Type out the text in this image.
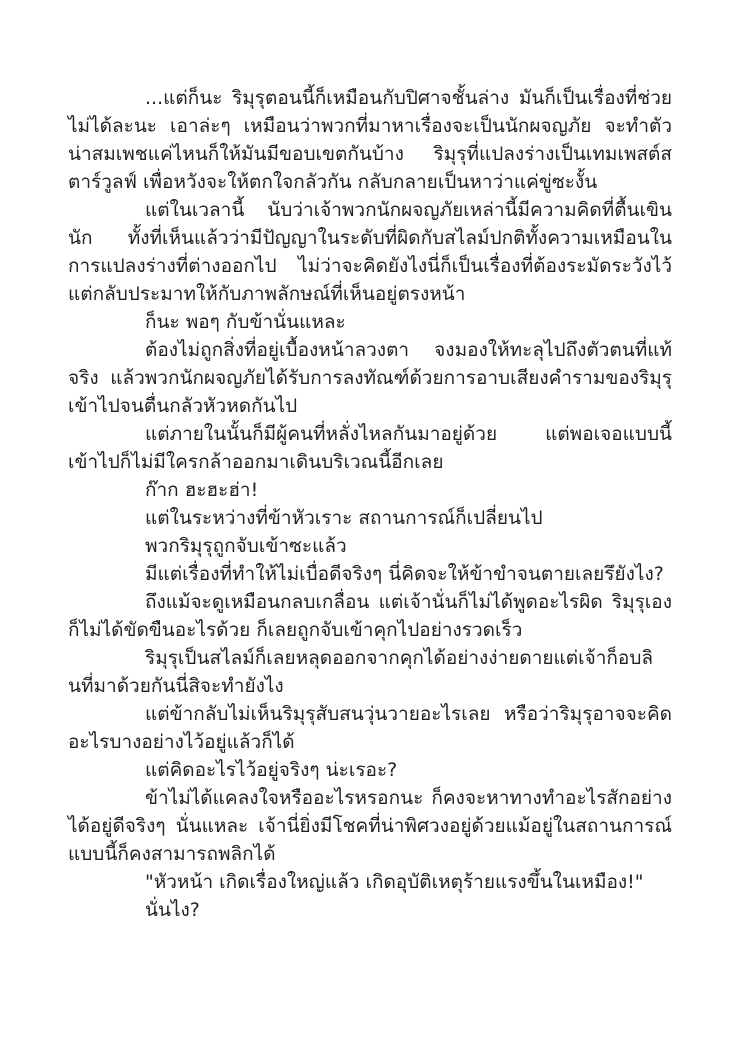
...แต่ก็นะ ริมุรุตอนนี้ก็เหมือนกับปิศาจชั้นล่าง มันก็เป็นเรื่องที่ช่วยไม่ได้ละนะ เอาล่ะๆ เหมือนว่าพวกที่มาหาเรื่องจะเป็นนักผจญภัย จะทำตัวน่าสมเพชแค่ไหนก็ให้มันมีขอบเขตกันบ้าง ริมุรุที่แปลงร่างเป็นเทมเพสต์สตาร์วูลฟ์ เพื่อหวังจะให้ตกใจกลัวกัน กลับกลายเป็นหาว่าแค่ขู่ซะงั้น

แต่ในเวลานี้ นับว่าเจ้าพวกนักผจญภัยเหล่านี้มีความคิดที่ตื้นเขินนัก ทั้งที่เห็นแล้วว่ามีปัญญาในระดับที่ผิดกับสไลม์ปกติทั้งความเหมือนในการแปลงร่างที่ต่างออกไป ไม่ว่าจะคิดยังไงนี่ก็เป็นเรื่องที่ต้องระมัดระวังไว้ แต่กลับประมาทให้กับภาพลักษณ์ที่เห็นอยู่ตรงหน้า

ก็นะ พอๆ กับข้านั่นแหละ

ต้องไม่ถูกสิ่งที่อยู่เบื้องหน้าลวงตา จงมองให้ทะลุไปถึงตัวตนที่แท้จริง แล้วพวกนักผจญภัยได้รับการลงทัณฑ์ด้วยการอาบเสียงคำรามของริมุรุเข้าไปจนตื่นกลัวหัวหดกันไป

แต่ภายในนั้นก็มีผู้คนที่หลั่งไหลกันมาอยู่ด้วย แต่พอเจอแบบนี้เข้าไปก็ไม่มีใครกล้าออกมาเดินบริเวณนี้อีกเลย

ก๊าก ฮะฮะฮ่า!

แต่ในระหว่างที่ข้าหัวเราะ สถานการณ์ก็เปลี่ยนไป

พวกริมุรุถูกจับเข้าซะแล้ว

มีแต่เรื่องที่ทำให้ไม่เบื่อดีจริงๆ นี่คิดจะให้ข้าขำจนตายเลยรึยังไง?

ถึงแม้จะดูเหมือนกลบเกลื่อน แต่เจ้านั่นก็ไม่ได้พูดอะไรผิด ริมุรุเองก็ไม่ได้ขัดขืนอะไรด้วย ก็เลยถูกจับเข้าคุกไปอย่างรวดเร็ว

ริมุรุเป็นสไลม์ก็เลยหลุดออกจากคุกได้อย่างง่ายดายแต่เจ้าก็อบลินที่มาด้วยกันนี่สิจะทำยังไง

แต่ข้ากลับไม่เห็นริมุรุสับสนวุ่นวายอะไรเลย หรือว่าริมุรุอาจจะคิดอะไรบางอย่างไว้อยู่แล้วก็ได้

แต่คิดอะไรไว้อยู่จริงๆ น่ะเรอะ?

ข้าไม่ได้แคลงใจหรืออะไรหรอกนะ ก็คงจะหาทางทำอะไรสักอย่างได้อยู่ดีจริงๆ นั่นแหละ เจ้านี่ยิ่งมีโชคที่น่าพิศวงอยู่ด้วยแม้อยู่ในสถานการณ์แบบนี้ก็คงสามารถพลิกได้

"หัวหน้า เกิดเรื่องใหญ่แล้ว เกิดอุบัติเหตุร้ายแรงขึ้นในเหมือง!"

นั่นไง?
